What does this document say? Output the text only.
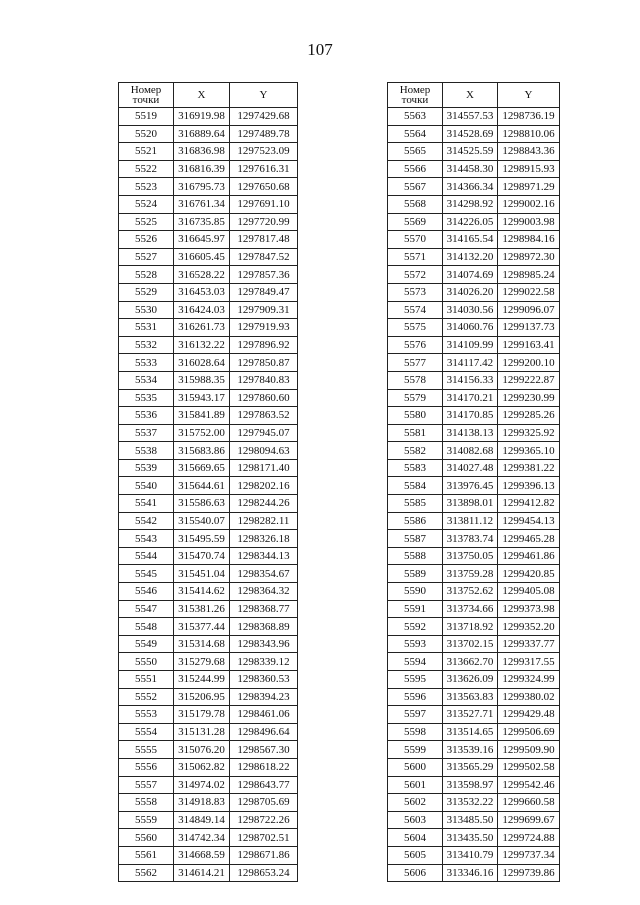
107
Номер
точки	X	Y
5519	316919.98	1297429.68
5520	316889.64	1297489.78
5521	316836.98	1297523.09
5522	316816.39	1297616.31
5523	316795.73	1297650.68
5524	316761.34	1297691.10
5525	316735.85	1297720.99
5526	316645.97	1297817.48
5527	316605.45	1297847.52
5528	316528.22	1297857.36
5529	316453.03	1297849.47
5530	316424.03	1297909.31
5531	316261.73	1297919.93
5532	316132.22	1297896.92
5533	316028.64	1297850.87
5534	315988.35	1297840.83
5535	315943.17	1297860.60
5536	315841.89	1297863.52
5537	315752.00	1297945.07
5538	315683.86	1298094.63
5539	315669.65	1298171.40
5540	315644.61	1298202.16
5541	315586.63	1298244.26
5542	315540.07	1298282.11
5543	315495.59	1298326.18
5544	315470.74	1298344.13
5545	315451.04	1298354.67
5546	315414.62	1298364.32
5547	315381.26	1298368.77
5548	315377.44	1298368.89
5549	315314.68	1298343.96
5550	315279.68	1298339.12
5551	315244.99	1298360.53
5552	315206.95	1298394.23
5553	315179.78	1298461.06
5554	315131.28	1298496.64
5555	315076.20	1298567.30
5556	315062.82	1298618.22
5557	314974.02	1298643.77
5558	314918.83	1298705.69
5559	314849.14	1298722.26
5560	314742.34	1298702.51
5561	314668.59	1298671.86
5562	314614.21	1298653.24
Номер
точки	X	Y
5563	314557.53	1298736.19
5564	314528.69	1298810.06
5565	314525.59	1298843.36
5566	314458.30	1298915.93
5567	314366.34	1298971.29
5568	314298.92	1299002.16
5569	314226.05	1299003.98
5570	314165.54	1298984.16
5571	314132.20	1298972.30
5572	314074.69	1298985.24
5573	314026.20	1299022.58
5574	314030.56	1299096.07
5575	314060.76	1299137.73
5576	314109.99	1299163.41
5577	314117.42	1299200.10
5578	314156.33	1299222.87
5579	314170.21	1299230.99
5580	314170.85	1299285.26
5581	314138.13	1299325.92
5582	314082.68	1299365.10
5583	314027.48	1299381.22
5584	313976.45	1299396.13
5585	313898.01	1299412.82
5586	313811.12	1299454.13
5587	313783.74	1299465.28
5588	313750.05	1299461.86
5589	313759.28	1299420.85
5590	313752.62	1299405.08
5591	313734.66	1299373.98
5592	313718.92	1299352.20
5593	313702.15	1299337.77
5594	313662.70	1299317.55
5595	313626.09	1299324.99
5596	313563.83	1299380.02
5597	313527.71	1299429.48
5598	313514.65	1299506.69
5599	313539.16	1299509.90
5600	313565.29	1299502.58
5601	313598.97	1299542.46
5602	313532.22	1299660.58
5603	313485.50	1299699.67
5604	313435.50	1299724.88
5605	313410.79	1299737.34
5606	313346.16	1299739.86
